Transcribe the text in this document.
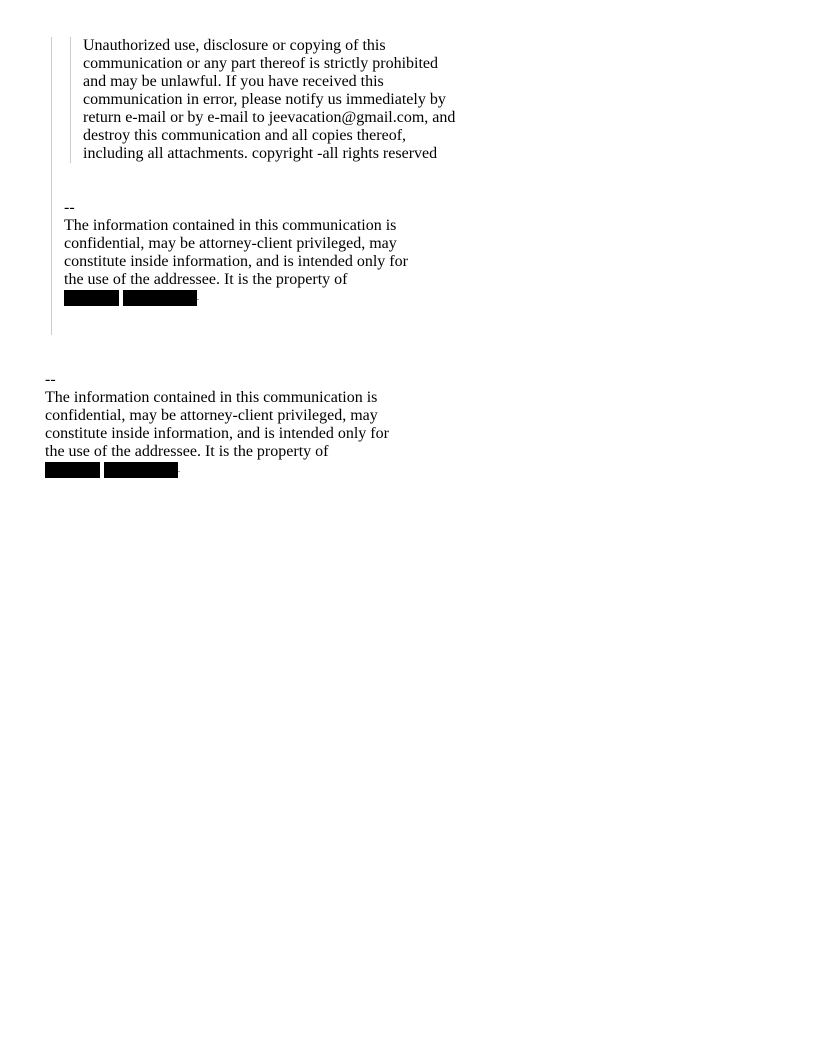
Unauthorized use, disclosure or copying of this
communication or any part thereof is strictly prohibited
and may be unlawful. If you have received this
communication in error, please notify us immediately by
return e-mail or by e-mail to jeevacation@gmail.com, and
destroy this communication and all copies thereof,
including all attachments. copyright -all rights reserved
--
The information contained in this communication is
confidential, may be attorney-client privileged, may
constitute inside information, and is intended only for
the use of the addressee. It is the property of
.
--
The information contained in this communication is
confidential, may be attorney-client privileged, may
constitute inside information, and is intended only for
the use of the addressee. It is the property of
.
